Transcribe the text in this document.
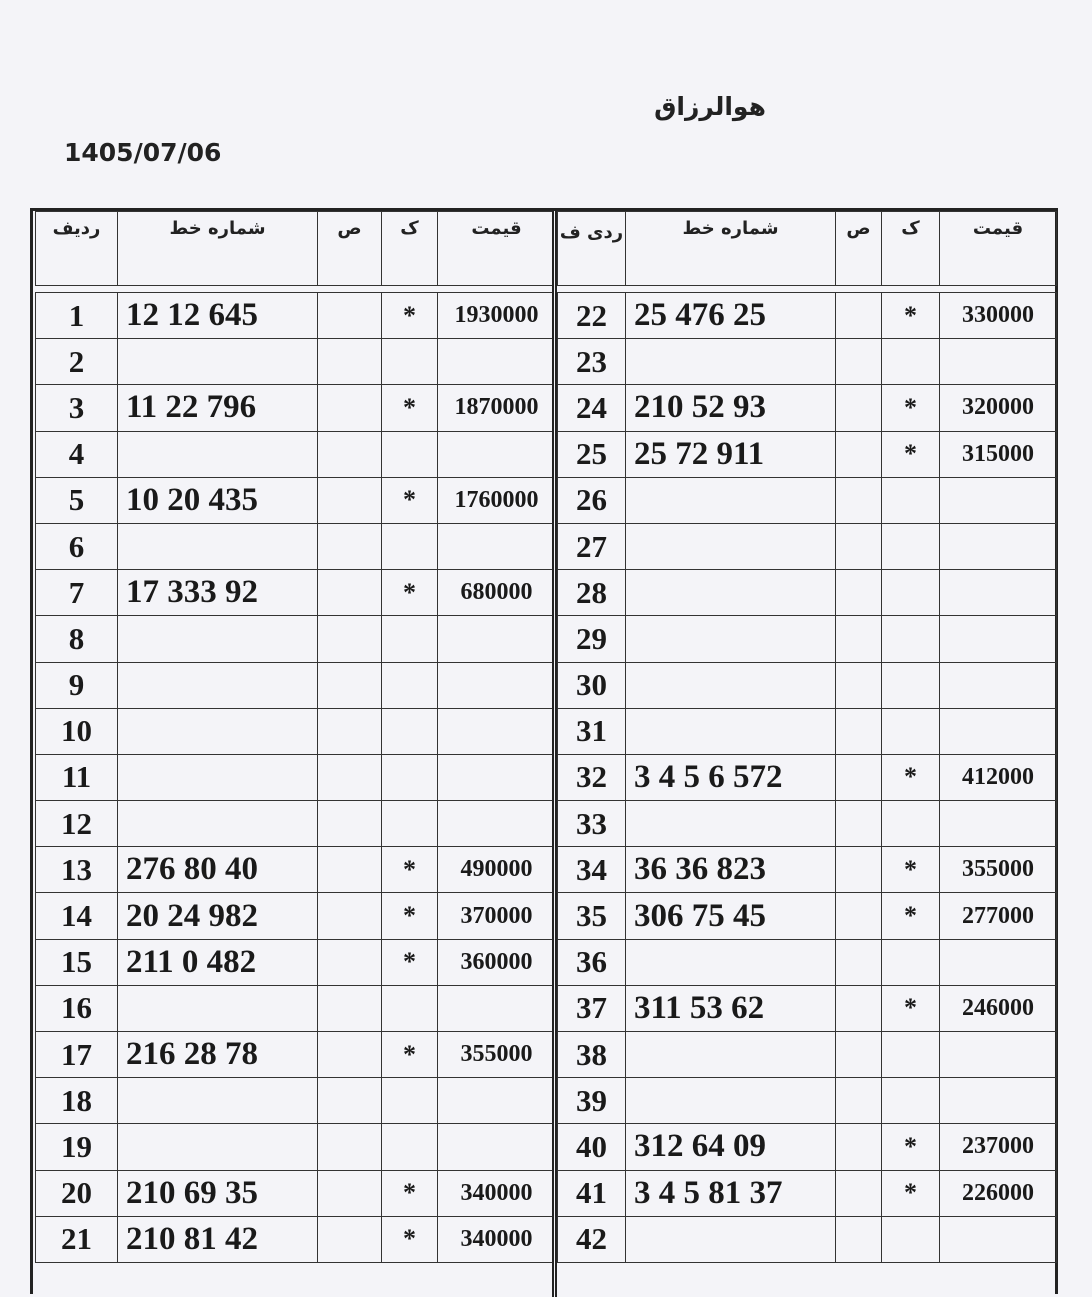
هوالرزاق
1405/07/06
ردیف	شماره خط	ص	ک	قیمت

1	12 12 645		*	1930000
2				
3	11 22 796		*	1870000
4				
5	10 20 435		*	1760000
6				
7	17 333 92		*	680000
8				
9				
10				
11				
12				
13	276 80 40		*	490000
14	20 24 982		*	370000
15	211 0 482		*	360000
16				
17	216 28 78		*	355000
18				
19				
20	210 69 35		*	340000
21	210 81 42		*	340000
ردی ف	شماره خط	ص	ک	قیمت

22	25 476 25		*	330000
23				
24	210 52 93		*	320000
25	25 72 911		*	315000
26				
27				
28				
29				
30				
31				
32	3 4 5 6 572		*	412000
33				
34	36 36 823		*	355000
35	306 75 45		*	277000
36				
37	311 53 62		*	246000
38				
39				
40	312 64 09		*	237000
41	3 4 5 81 37		*	226000
42				
